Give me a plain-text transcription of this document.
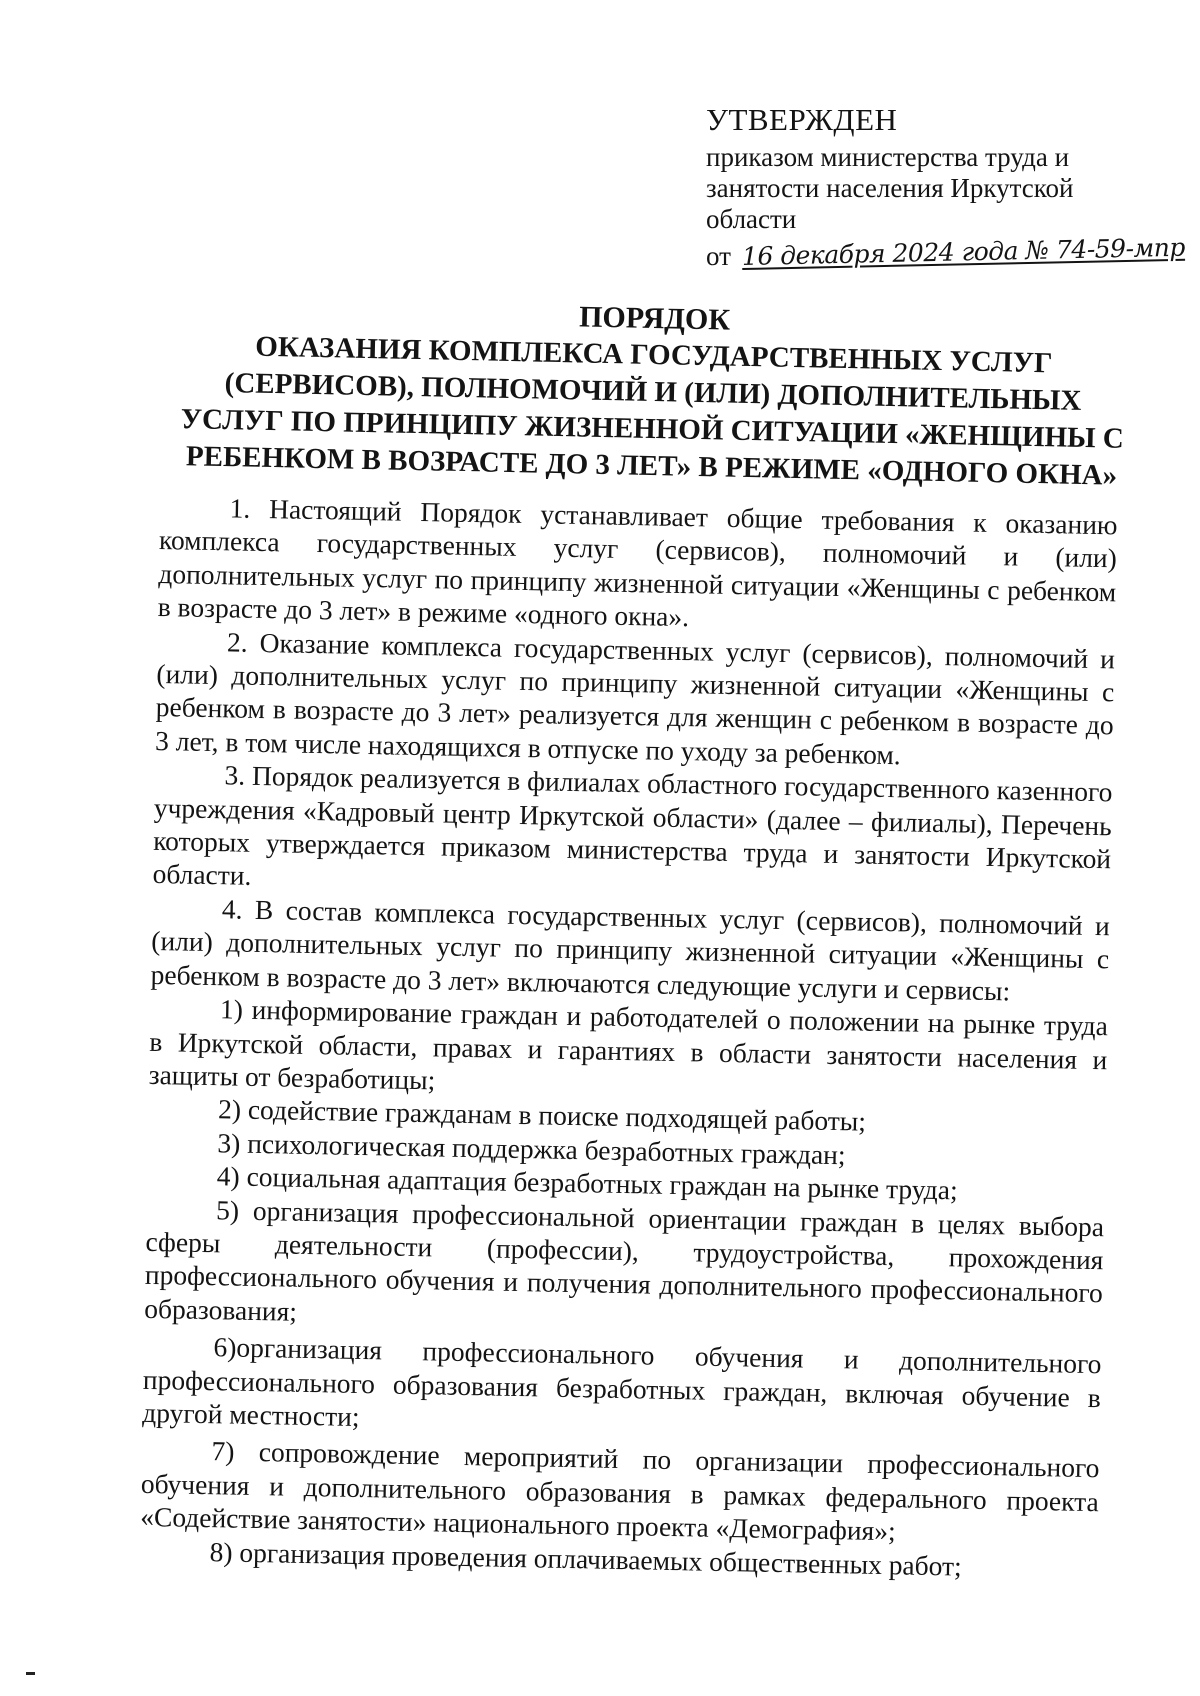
УТВЕРЖДЕН
приказом министерства труда и
занятости населения Иркутской
области
от 16 декабря 2024 года № 74-59-мпр
ПОРЯДОК
ОКАЗАНИЯ КОМПЛЕКСА ГОСУДАРСТВЕННЫХ УСЛУГ
(СЕРВИСОВ), ПОЛНОМОЧИЙ И (ИЛИ) ДОПОЛНИТЕЛЬНЫХ
УСЛУГ ПО ПРИНЦИПУ ЖИЗНЕННОЙ СИТУАЦИИ «ЖЕНЩИНЫ С
РЕБЕНКОМ В ВОЗРАСТЕ ДО 3 ЛЕТ» В РЕЖИМЕ «ОДНОГО ОКНА»

1. Настоящий Порядок устанавливает общие требования к оказанию комплекса государственных услуг (сервисов), полномочий и (или) дополнительных услуг по принципу жизненной ситуации «Женщины с ребенком в возрасте до 3 лет» в режиме «одного окна».

2. Оказание комплекса государственных услуг (сервисов), полномочий и (или) дополнительных услуг по принципу жизненной ситуации «Женщины с ребенком в возрасте до 3 лет» реализуется для женщин с ребенком в возрасте до 3 лет, в том числе находящихся в отпуске по уходу за ребенком.

3. Порядок реализуется в филиалах областного государственного казенного учреждения «Кадровый центр Иркутской области» (далее – филиалы), Перечень которых утверждается приказом министерства труда и занятости Иркутской области.

4. В состав комплекса государственных услуг (сервисов), полномочий и (или) дополнительных услуг по принципу жизненной ситуации «Женщины с ребенком в возрасте до 3 лет» включаются следующие услуги и сервисы:

1) информирование граждан и работодателей о положении на рынке труда в Иркутской области, правах и гарантиях в области занятости населения и защиты от безработицы;

2) содействие гражданам в поиске подходящей работы;

3) психологическая поддержка безработных граждан;

4) социальная адаптация безработных граждан на рынке труда;

5) организация профессиональной ориентации граждан в целях выбора сферы деятельности (профессии), трудоустройства, прохождения профессионального обучения и получения дополнительного профессионального образования;

6)организация профессионального обучения и дополнительного профессионального образования безработных граждан, включая обучение в другой местности;

7) сопровождение мероприятий по организации профессионального обучения и дополнительного образования в рамках федерального проекта «Содействие занятости» национального проекта «Демография»;

8) организация проведения оплачиваемых общественных работ;
